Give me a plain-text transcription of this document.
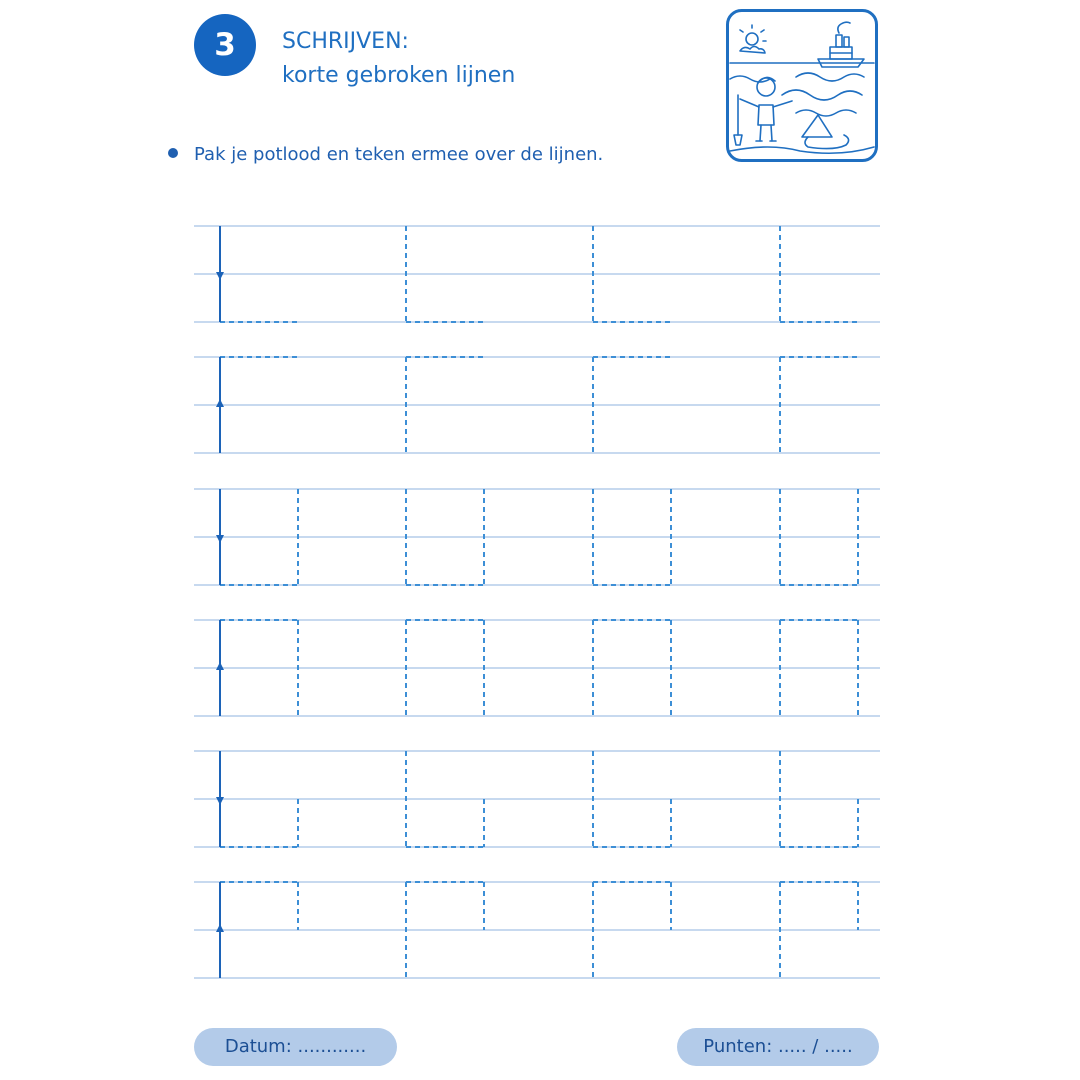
3	SCHRIJVEN:
korte gebroken lijnen
Pak je potlood en teken ermee over de lijnen.
Datum: ............	Punten: ..... / .....
